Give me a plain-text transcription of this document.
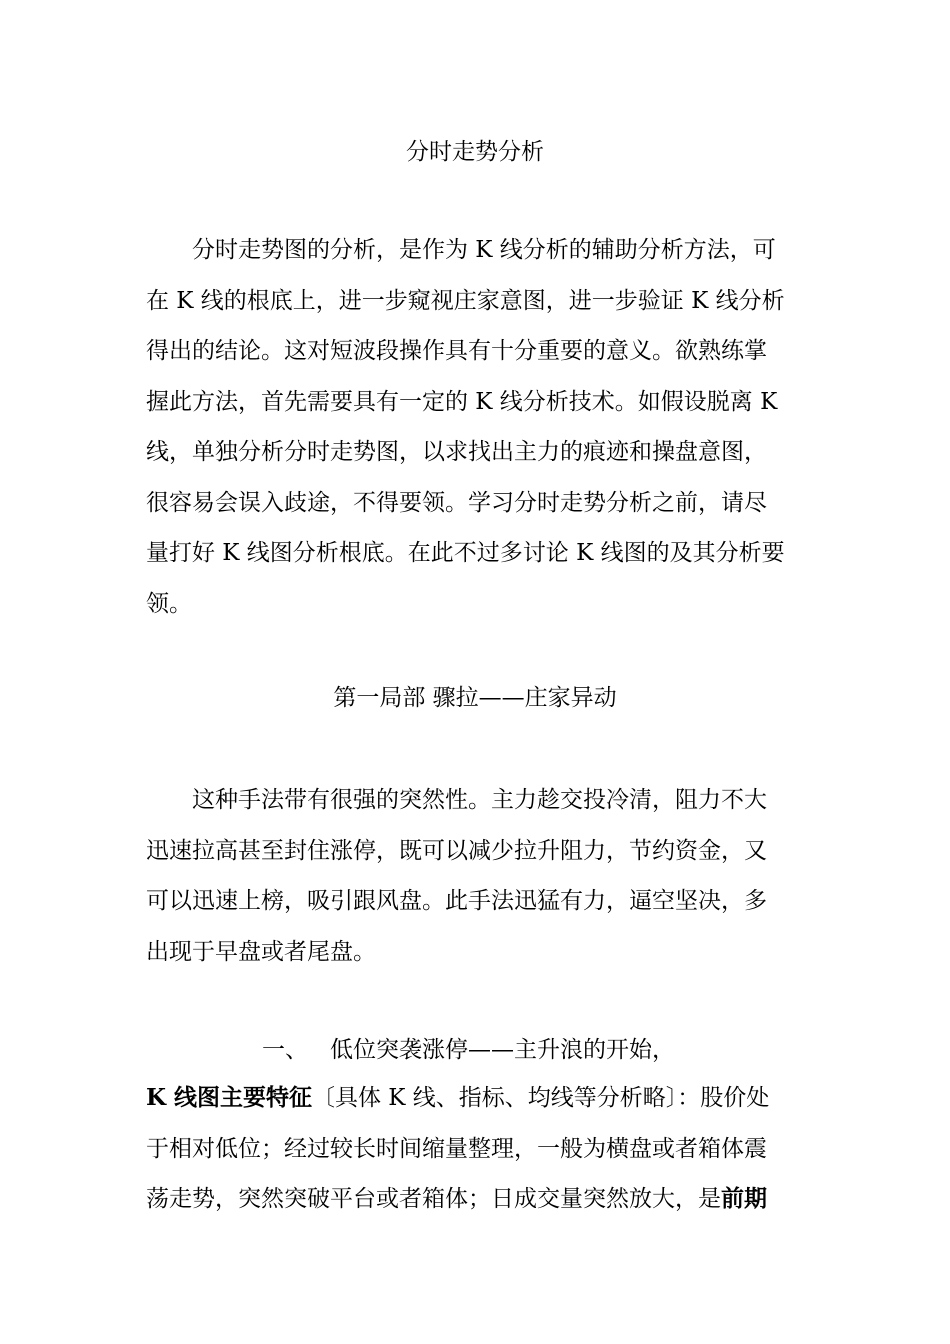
分时走势分析

分时走势图的分析，是作为 K 线分析的辅助分析方法，可
在 K 线的根底上，进一步窥视庄家意图，进一步验证 K 线分析
得出的结论。这对短波段操作具有十分重要的意义。欲熟练掌
握此方法，首先需要具有一定的 K 线分析技术。如假设脱离 K
线，单独分析分时走势图，以求找出主力的痕迹和操盘意图，
很容易会误入歧途，不得要领。学习分时走势分析之前，请尽
量打好 K 线图分析根底。在此不过多讨论 K 线图的及其分析要
领。

第一局部 骤拉——庄家异动

这种手法带有很强的突然性。主力趁交投冷清，阻力不大
迅速拉高甚至封住涨停，既可以减少拉升阻力，节约资金，又
可以迅速上榜，吸引跟风盘。此手法迅猛有力，逼空坚决，多
出现于早盘或者尾盘。

一、 低位突袭涨停——主升浪的开始，

K 线图主要特征〔具体 K 线、指标、均线等分析略〕：股价处
于相对低位；经过较长时间缩量整理，一般为横盘或者箱体震
荡走势，突然突破平台或者箱体；日成交量突然放大，是前期
